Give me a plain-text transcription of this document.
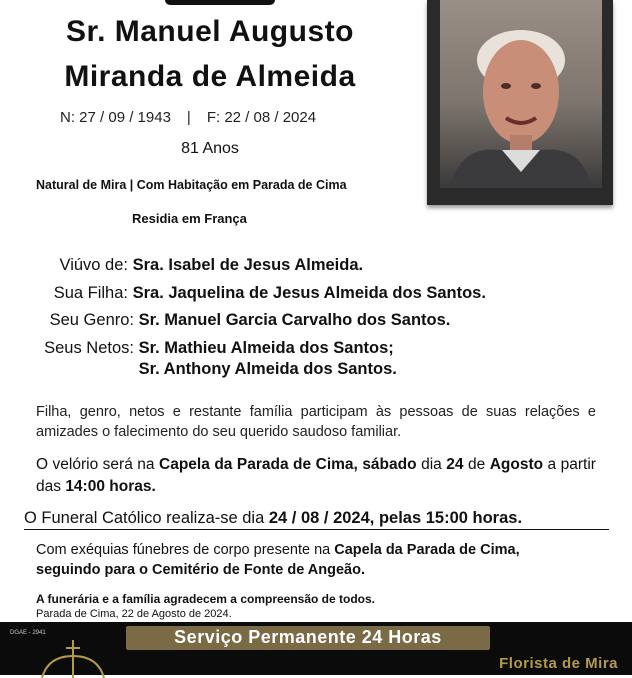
Sr. Manuel Augusto
Miranda de Almeida
N: 27 / 09 / 1943 | F: 22 / 08 / 2024
81 Anos
Natural de Mira | Com Habitação em Parada de Cima
Residia em França
Viúvo de: Sra. Isabel de Jesus Almeida.
Sua Filha: Sra. Jaquelina de Jesus Almeida dos Santos.
Seu Genro: Sr. Manuel Garcia Carvalho dos Santos.
Seus Netos: Sr. Mathieu Almeida dos Santos;
Sr. Anthony Almeida dos Santos.
Filha, genro, netos e restante família participam às pessoas de suas relações e amizades o falecimento do seu querido saudoso familiar.
O velório será na Capela da Parada de Cima, sábado dia 24 de Agosto a partir das 14:00 horas.
O Funeral Católico realiza-se dia 24 / 08 / 2024, pelas 15:00 horas.
Com exéquias fúnebres de corpo presente na Capela da Parada de Cima,
seguindo para o Cemitério de Fonte de Angeão.
A funerária e a família agradecem a compreensão de todos.
Parada de Cima, 22 de Agosto de 2024.
DGAE - 2941	Serviço Permanente 24 Horas
Florista de Mira
